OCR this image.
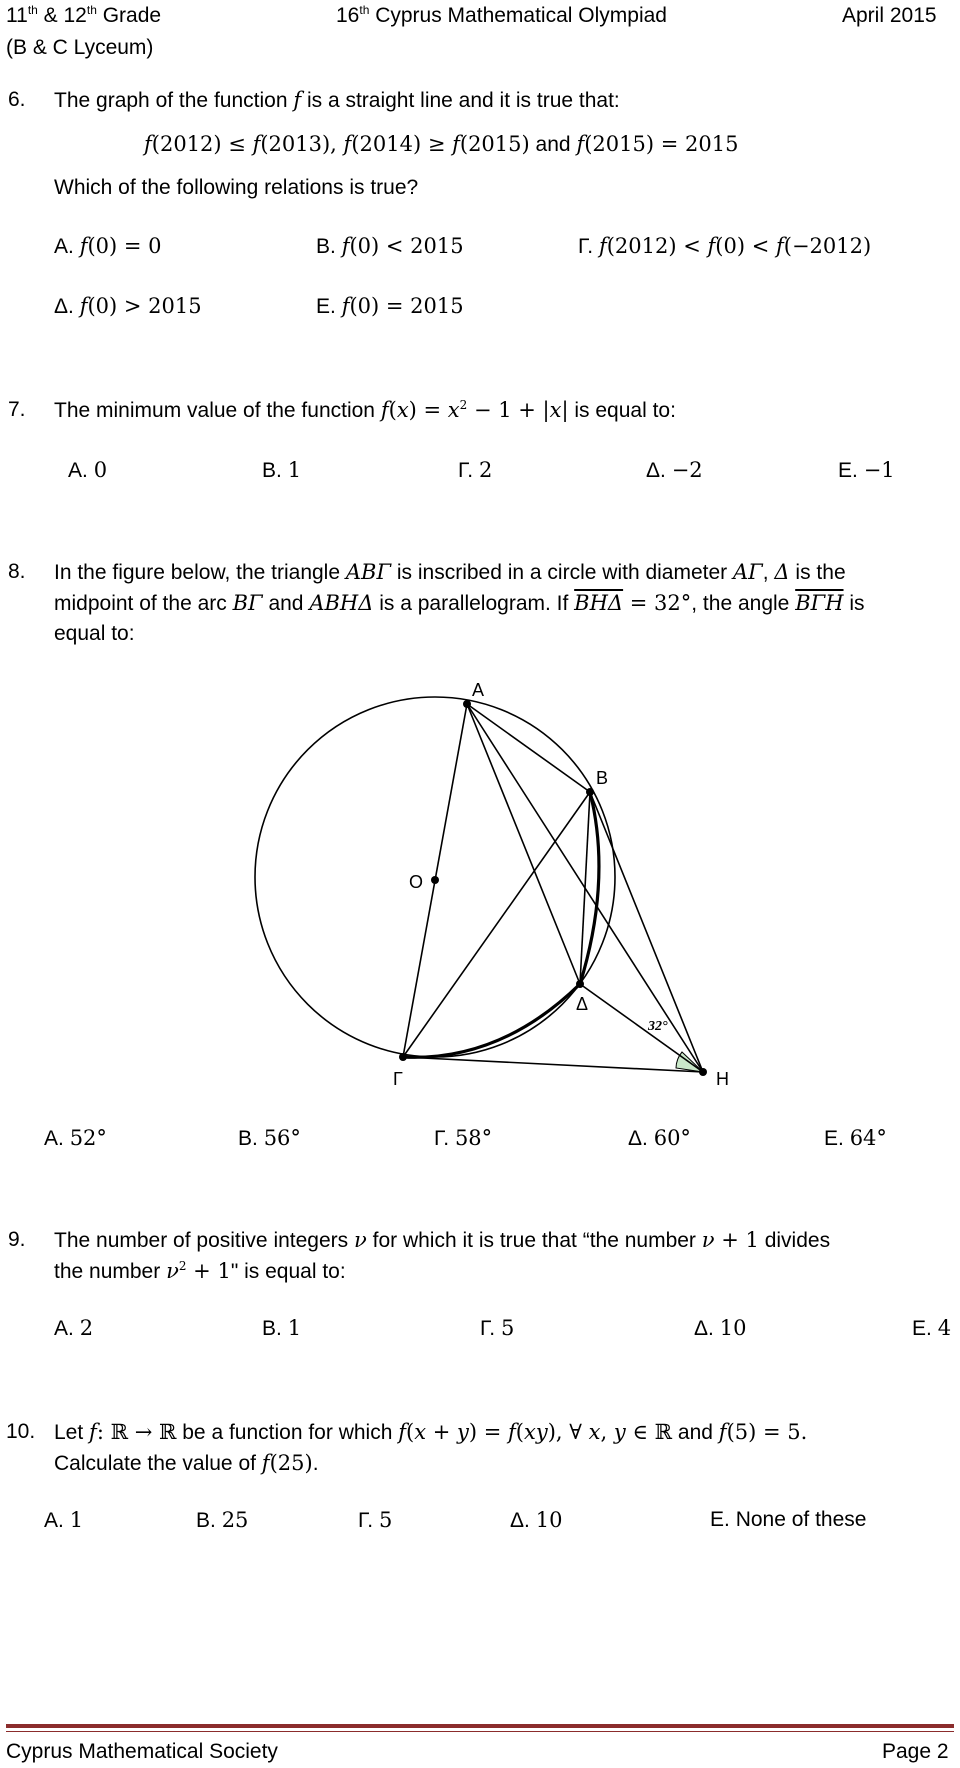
11th & 12th Grade
(B & C Lyceum)
16th Cyprus Mathematical Olympiad	April 2015
6. The graph of the function f is a straight line and it is true that:
f(2012) ≤ f(2013), f(2014) ≥ f(2015) and f(2015) = 2015
Which of the following relations is true?
A. f(0) = 0	B. f(0) < 2015	Γ. f(2012) < f(0) < f(−2012)
Δ. f(0) > 2015	E. f(0) = 2015
7. The minimum value of the function $f(x) = x^2 - 1 + |x|$ is equal to:
A. 0	B. 1	Γ. 2	Δ. −2	E. −1
8. In the figure below, the triangle ΑΒΓ is inscribed in a circle with diameter ΑΓ, Δ is the
midpoint of the arc ΒΓ and ΑΒΗΔ is a parallelogram. If $\overline{BH\Delta} = 32^\circ$, the angle $\overline{B\Gamma H}$ is
equal to:
A
B
O
Δ
Γ	H
32°
A. 52°	B. 56°	Γ. 58°	Δ. 60°	E. 64°
9. The number of positive integers ν for which it is true that “the number ν + 1 divides
the number $\nu^2 + 1$" is equal to:
A. 2	B. 1	Γ. 5	Δ. 10	E. 4
10. Let f: ℝ → ℝ be a function for which f(x + y) = f(xy), ∀ x, y ∈ ℝ and f(5) = 5.
Calculate the value of f(25).
A. 1	B. 25	Γ. 5	Δ. 10	E. None of these
Cyprus Mathematical Society	Page 2
